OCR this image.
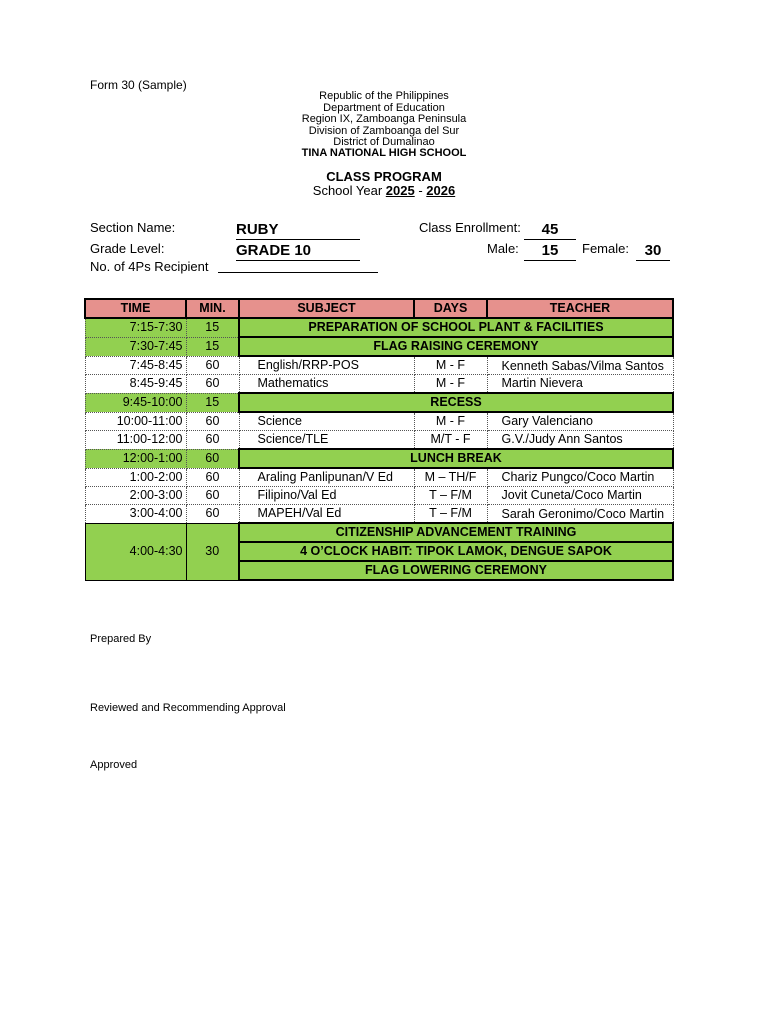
Form 30 (Sample)
Republic of the Philippines
Department of Education
Region IX, Zamboanga Peninsula
Division of Zamboanga del Sur
District of Dumalinao
TINA NATIONAL HIGH SCHOOL
CLASS PROGRAM
School Year 2025 - 2026
Section Name:	RUBY
Grade Level:	GRADE 10
No. of 4Ps Recipient
Class Enrollment:	45
Male:	15	Female:	30
TIME	MIN.	SUBJECT	DAYS	TEACHER
7:15-7:30	15	PREPARATION OF SCHOOL PLANT & FACILITIES		
7:30-7:45	15	FLAG RAISING CEREMONY		
7:45-8:45	60	English/RRP-POS	M - F	Kenneth Sabas/Vilma Santos
8:45-9:45	60	Mathematics	M - F	Martin Nievera
9:45-10:00	15	RECESS		
10:00-11:00	60	Science	M - F	Gary Valenciano
11:00-12:00	60	Science/TLE	M/T - F	G.V./Judy Ann Santos
12:00-1:00	60	LUNCH BREAK		
1:00-2:00	60	Araling Panlipunan/V Ed	M – TH/F	Chariz Pungco/Coco Martin
2:00-3:00	60	Filipino/Val Ed	T – F/M	Jovit Cuneta/Coco Martin
3:00-4:00	60	MAPEH/Val Ed	T – F/M	Sarah Geronimo/Coco Martin
4:00-4:30	30	CITIZENSHIP ADVANCEMENT TRAINING		
		4 O’CLOCK HABIT: TIPOK LAMOK, DENGUE SAPOK		
		FLAG LOWERING CEREMONY		
Prepared By
Reviewed and Recommending Approval
Approved
